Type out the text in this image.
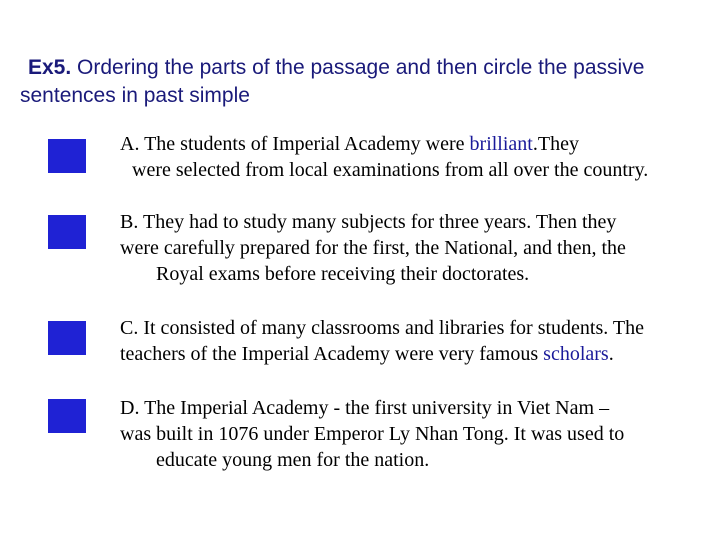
Ex5. Ordering the parts of the passage and then circle the passive
sentences in past simple
A. The students of Imperial Academy were brilliant.They
were selected from local examinations from all over the country.
B. They had to study many subjects for three years. Then they
were carefully prepared for the first, the National, and then, the
Royal exams before receiving their doctorates.
C. It consisted of many classrooms and libraries for students. The
teachers of the Imperial Academy were very famous scholars.
D. The Imperial Academy - the first university in Viet Nam –
was built in 1076 under Emperor Ly Nhan Tong. It was used to
educate young men for the nation.
